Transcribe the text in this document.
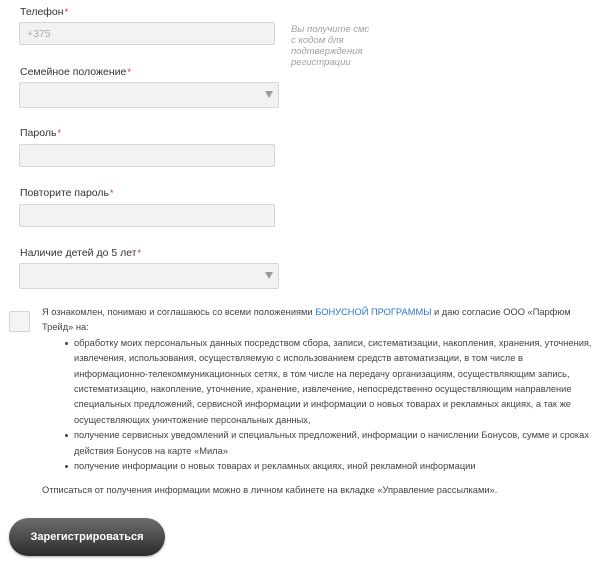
Телефон*
+375
Вы получите смс с кодом для подтверждения регистрации
Семейное положение*
Пароль*
Повторите пароль*
Наличие детей до 5 лет*
Я ознакомлен, понимаю и соглашаюсь со всеми положениями БОНУСНОЙ ПРОГРАММЫ и даю согласие ООО «Парфюм Трейд» на:
обработку моих персональных данных посредством сбора, записи, систематизации, накопления, хранения, уточнения, извлечения, использования, осуществляемую с использованием средств автоматизации, в том числе в информационно-телекоммуникационных сетях, в том числе на передачу организациям, осуществляющим запись, систематизацию, накопление, уточнение, хранение, извлечение, непосредственно осуществляющим направление специальных предложений, сервисной информации и информации о новых товарах и рекламных акциях, а так же осуществляющих уничтожение персональных данных,
получение сервисных уведомлений и специальных предложений, информации о начислении Бонусов, сумме и сроках действия Бонусов на карте «Мила»
получение информации о новых товарах и рекламных акциях, иной рекламной информации
Отписаться от получения информации можно в личном кабинете на вкладке «Управление рассылками».
Зарегистрироваться
